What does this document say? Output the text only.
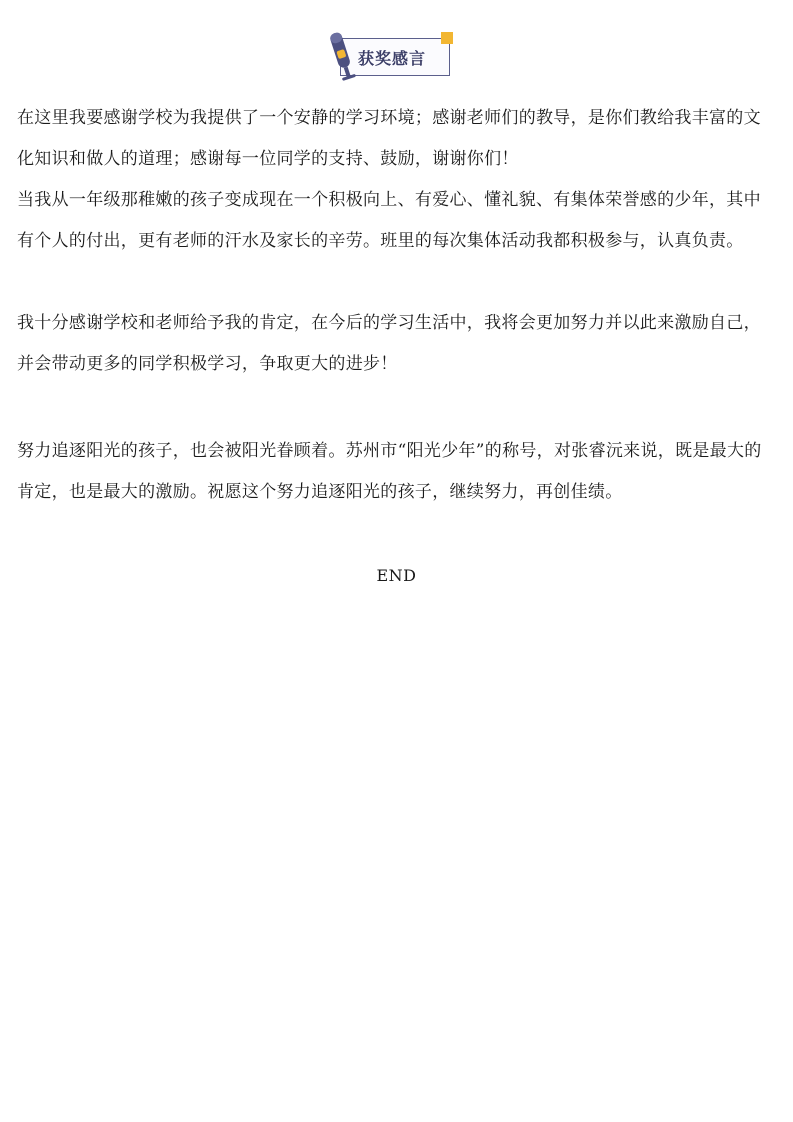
获奖感言

在这里我要感谢学校为我提供了一个安静的学习环境；感谢老师们的教导，是你们教给我丰富的文化知识和做人的道理；感谢每一位同学的支持、鼓励，谢谢你们！

当我从一年级那稚嫩的孩子变成现在一个积极向上、有爱心、懂礼貌、有集体荣誉感的少年，其中有个人的付出，更有老师的汗水及家长的辛劳。班里的每次集体活动我都积极参与，认真负责。

我十分感谢学校和老师给予我的肯定，在今后的学习生活中，我将会更加努力并以此来激励自己，并会带动更多的同学积极学习，争取更大的进步！

努力追逐阳光的孩子，也会被阳光眷顾着。苏州市“阳光少年”的称号，对张睿沅来说，既是最大的肯定，也是最大的激励。祝愿这个努力追逐阳光的孩子，继续努力，再创佳绩。

END
